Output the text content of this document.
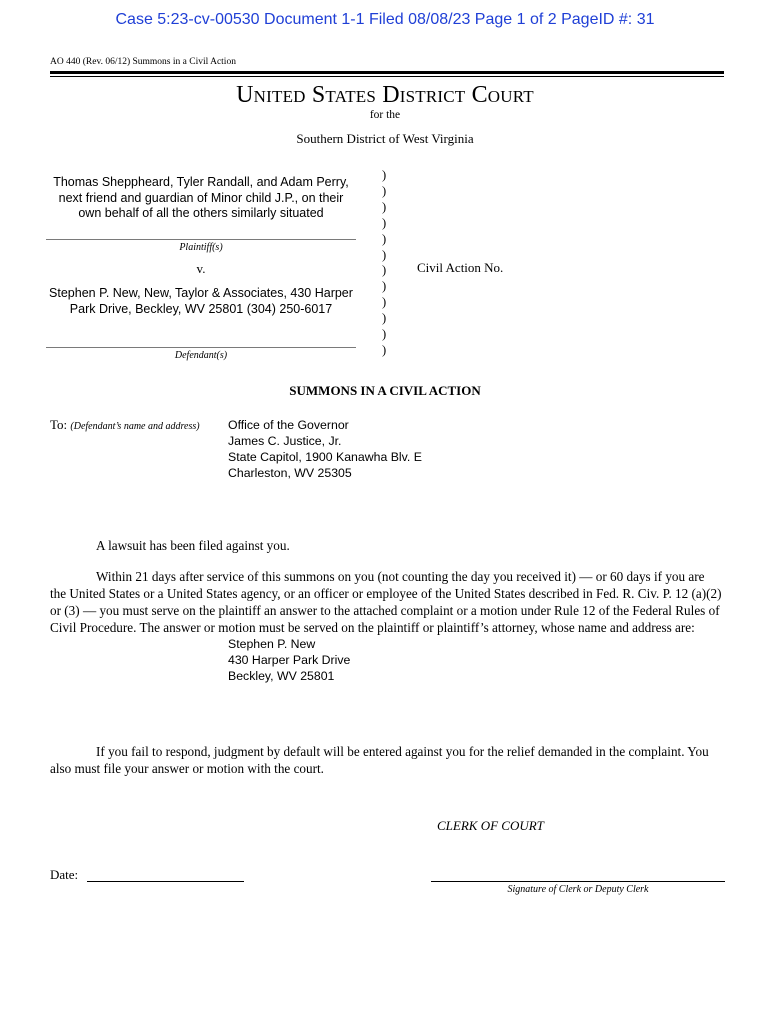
Case 5:23-cv-00530 Document 1-1 Filed 08/08/23 Page 1 of 2 PageID #: 31
AO 440 (Rev. 06/12) Summons in a Civil Action
United States District Court
for the
Southern District of West Virginia
Thomas Sheppheard, Tyler Randall, and Adam Perry, next friend and guardian of Minor child J.P., on their own behalf of all the others similarly situated
Plaintiff(s)
v.
Stephen P. New, New, Taylor & Associates, 430 Harper Park Drive, Beckley, WV 25801 (304) 250-6017
Defendant(s)
)
)
)
)
)
)
)
)
)
)
)
)
Civil Action No.
SUMMONS IN A CIVIL ACTION
To: (Defendant’s name and address) Office of the Governor
James C. Justice, Jr.
State Capitol, 1900 Kanawha Blv. E
Charleston, WV 25305
A lawsuit has been filed against you.
Within 21 days after service of this summons on you (not counting the day you received it) — or 60 days if you are the United States or a United States agency, or an officer or employee of the United States described in Fed. R. Civ. P. 12 (a)(2) or (3) — you must serve on the plaintiff an answer to the attached complaint or a motion under Rule 12 of the Federal Rules of Civil Procedure. The answer or motion must be served on the plaintiff or plaintiff’s attorney, whose name and address are:
Stephen P. New
430 Harper Park Drive
Beckley, WV 25801
If you fail to respond, judgment by default will be entered against you for the relief demanded in the complaint. You also must file your answer or motion with the court.
CLERK OF COURT
Date:
Signature of Clerk or Deputy Clerk
